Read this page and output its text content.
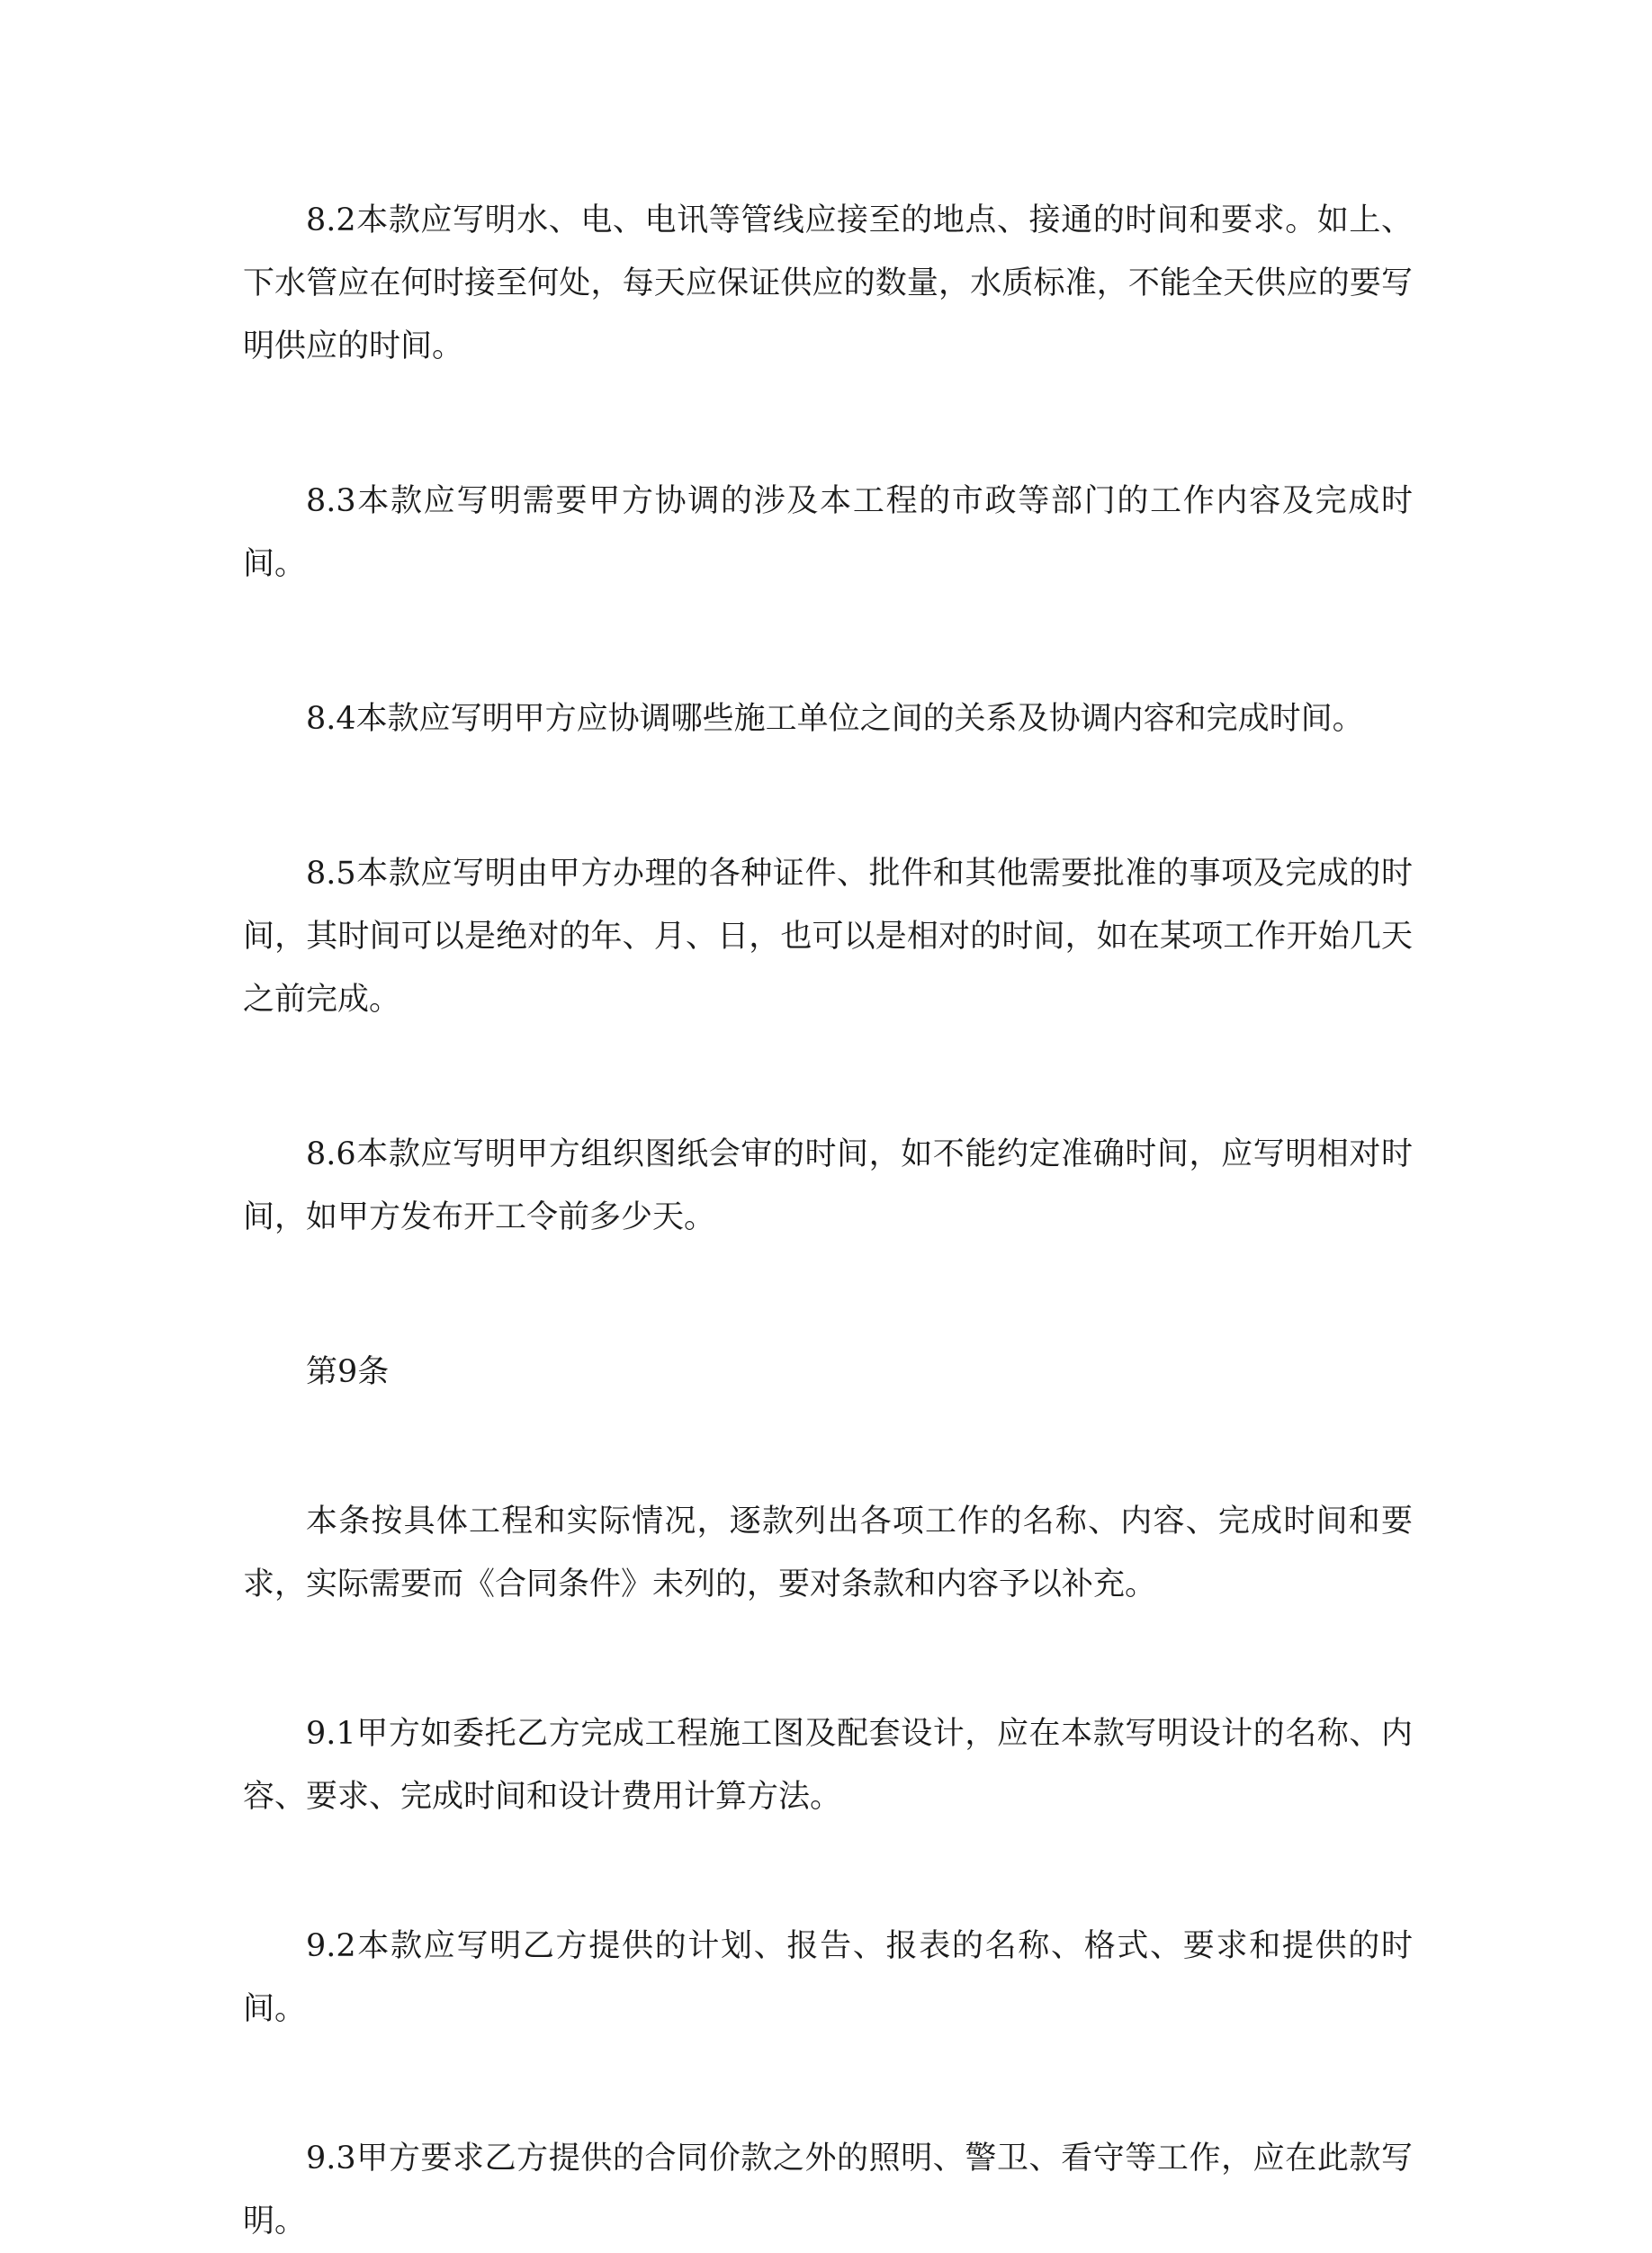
8.2本款应写明水、电、电讯等管线应接至的地点、接通的时间和要求。如上、下水管应在何时接至何处，每天应保证供应的数量，水质标准，不能全天供应的要写明供应的时间。

8.3本款应写明需要甲方协调的涉及本工程的市政等部门的工作内容及完成时间。

8.4本款应写明甲方应协调哪些施工单位之间的关系及协调内容和完成时间。

8.5本款应写明由甲方办理的各种证件、批件和其他需要批准的事项及完成的时间，其时间可以是绝对的年、月、日，也可以是相对的时间，如在某项工作开始几天之前完成。

8.6本款应写明甲方组织图纸会审的时间，如不能约定准确时间，应写明相对时间，如甲方发布开工令前多少天。

第9条

本条按具体工程和实际情况，逐款列出各项工作的名称、内容、完成时间和要求，实际需要而《合同条件》未列的，要对条款和内容予以补充。

9.1甲方如委托乙方完成工程施工图及配套设计，应在本款写明设计的名称、内容、要求、完成时间和设计费用计算方法。

9.2本款应写明乙方提供的计划、报告、报表的名称、格式、要求和提供的时间。

9.3甲方要求乙方提供的合同价款之外的照明、警卫、看守等工作，应在此款写明。
